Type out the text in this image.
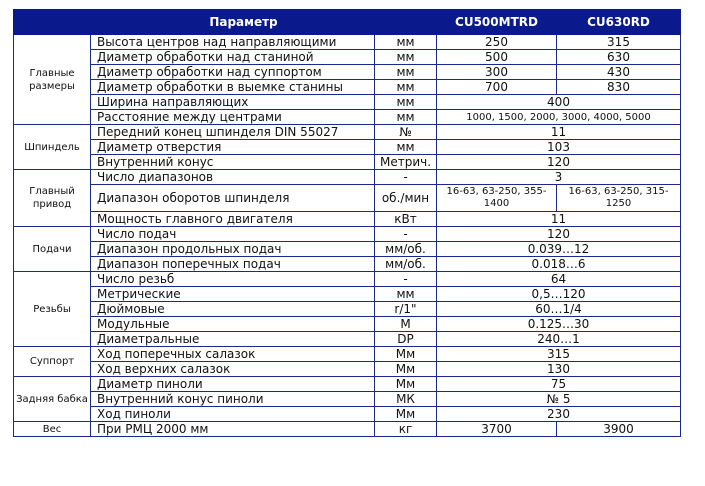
	Параметр		CU500MTRD	CU630RD
Главные размеры	Высота центров над направляющими	мм	250	315
	Диаметр обработки над станиной	мм	500	630
	Диаметр обработки над суппортом	мм	300	430
	Диаметр обработки в выемке станины	мм	700	830
	Ширина направляющих	мм	400	
	Расстояние между центрами	мм	1000, 1500, 2000, 3000, 4000, 5000	
Шпиндель	Передний конец шпинделя DIN 55027	№	11	
	Диаметр отверстия	мм	103	
	Внутренний конус	Метрич.	120	
Главный привод	Число диапазонов	-	3	
	Диапазон оборотов шпинделя	об./мин	16-63, 63-250, 355-1400	16-63, 63-250, 315-1250
	Мощность главного двигателя	кВт	11	
Подачи	Число подач	-	120	
	Диапазон продольных подач	мм/об.	0.039…12	
	Диапазон поперечных подач	мм/об.	0.018…6	
Резьбы	Число резьб	-	64	
	Метрические	мм	0,5…120	
	Дюймовые	r/1"	60…1/4	
	Модульные	М	0.125…30	
	Диаметральные	DP	240…1	
Суппорт	Ход поперечных салазок	Мм	315	
	Ход верхних салазок	Мм	130	
Задняя бабка	Диаметр пиноли	Мм	75	
	Внутренний конус пиноли	МК	№ 5	
	Ход пиноли	Мм	230	
Вес	При РМЦ 2000 мм	кг	3700	3900
